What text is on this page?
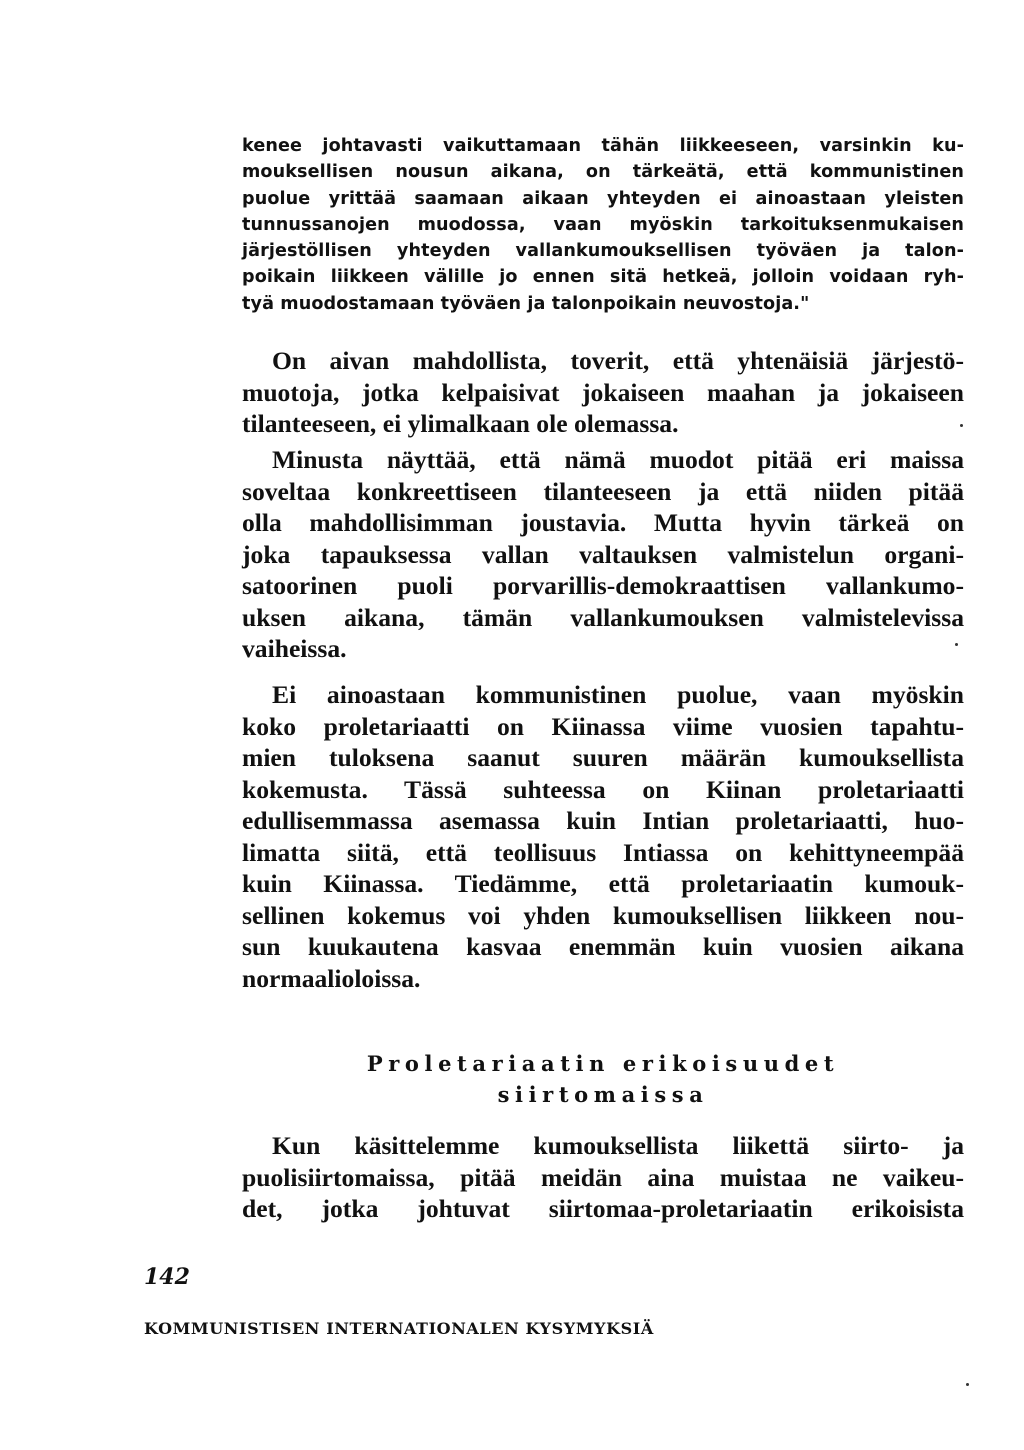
kenee johtavasti vaikuttamaan tähän liikkeeseen, varsinkin ku-
mouksellisen nousun aikana, on tärkeätä, että kommunistinen
puolue yrittää saamaan aikaan yhteyden ei ainoastaan yleisten
tunnussanojen muodossa, vaan myöskin tarkoituksenmukaisen
järjestöllisen yhteyden vallankumouksellisen työväen ja talon-
poikain liikkeen välille jo ennen sitä hetkeä, jolloin voidaan ryh-
tyä muodostamaan työväen ja talonpoikain neuvostoja."
On aivan mahdollista, toverit, että yhtenäisiä järjestö-
muotoja, jotka kelpaisivat jokaiseen maahan ja jokaiseen
tilanteeseen, ei ylimalkaan ole olemassa.
Minusta näyttää, että nämä muodot pitää eri maissa
soveltaa konkreettiseen tilanteeseen ja että niiden pitää
olla mahdollisimman joustavia. Mutta hyvin tärkeä on
joka tapauksessa vallan valtauksen valmistelun organi-
satoorinen puoli porvarillis-demokraattisen vallankumo-
uksen aikana, tämän vallankumouksen valmistelevissa
vaiheissa.
Ei ainoastaan kommunistinen puolue, vaan myöskin
koko proletariaatti on Kiinassa viime vuosien tapahtu-
mien tuloksena saanut suuren määrän kumouksellista
kokemusta. Tässä suhteessa on Kiinan proletariaatti
edullisemmassa asemassa kuin Intian proletariaatti, huo-
limatta siitä, että teollisuus Intiassa on kehittyneempää
kuin Kiinassa. Tiedämme, että proletariaatin kumouk-
sellinen kokemus voi yhden kumouksellisen liikkeen nou-
sun kuukautena kasvaa enemmän kuin vuosien aikana
normaalioloissa.
Proletariaatin erikoisuudet
siirtomaissa
Kun käsittelemme kumouksellista liikettä siirto- ja
puolisiirtomaissa, pitää meidän aina muistaa ne vaikeu-
det, jotka johtuvat siirtomaa-proletariaatin erikoisista
142
KOMMUNISTISEN INTERNATIONALEN KYSYMYKSIÄ
